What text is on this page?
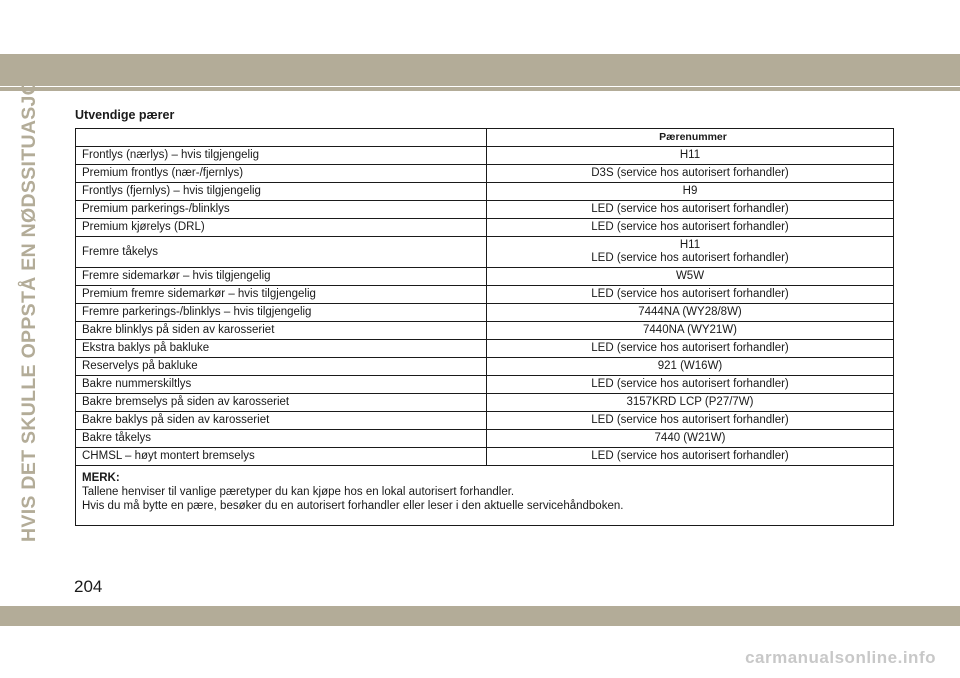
HVIS DET SKULLE OPPSTÅ EN NØDSSITUASJON	Utvendige pærer
	Pærenummer
Frontlys (nærlys) – hvis tilgjengelig	H11
Premium frontlys (nær-/fjernlys)	D3S (service hos autorisert forhandler)
Frontlys (fjernlys) – hvis tilgjengelig	H9
Premium parkerings-/blinklys	LED (service hos autorisert forhandler)
Premium kjørelys (DRL)	LED (service hos autorisert forhandler)
Fremre tåkelys	H11
LED (service hos autorisert forhandler)

Fremre sidemarkør – hvis tilgjengelig	W5W
Premium fremre sidemarkør – hvis tilgjengelig	LED (service hos autorisert forhandler)
Fremre parkerings-/blinklys – hvis tilgjengelig	7444NA (WY28/8W)
Bakre blinklys på siden av karosseriet	7440NA (WY21W)
Ekstra baklys på bakluke	LED (service hos autorisert forhandler)
Reservelys på bakluke	921 (W16W)
Bakre nummerskiltlys	LED (service hos autorisert forhandler)
Bakre bremselys på siden av karosseriet	3157KRD LCP (P27/7W)
Bakre baklys på siden av karosseriet	LED (service hos autorisert forhandler)
Bakre tåkelys	7440 (W21W)
CHMSL – høyt montert bremselys	LED (service hos autorisert forhandler)

MERK:
Tallene henviser til vanlige pæretyper du kan kjøpe hos en lokal autorisert forhandler.
Hvis du må bytte en pære, besøker du en autorisert forhandler eller leser i den aktuelle servicehåndboken.	
204
carmanualsonline.info
